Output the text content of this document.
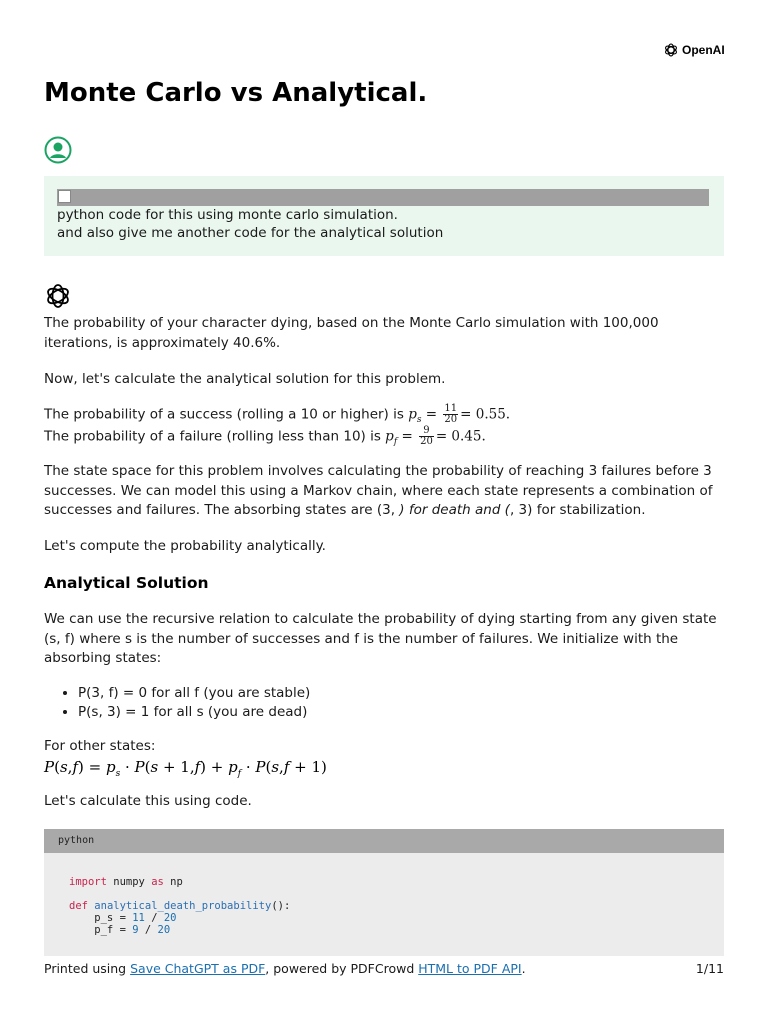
OpenAI
Monte Carlo vs Analytical.
python code for this using monte carlo simulation.
and also give me another code for the analytical solution

The probability of your character dying, based on the Monte Carlo simulation with 100,000 iterations, is approximately 40.6%.

Now, let's calculate the analytical solution for this problem.

The probability of a success (rolling a 10 or higher) is $p_s = \frac{11}{20} = 0.55$.

The probability of a failure (rolling less than 10) is $p_f = \frac{9}{20} = 0.45$.

The state space for this problem involves calculating the probability of reaching 3 failures before 3 successes. We can model this using a Markov chain, where each state represents a combination of successes and failures. The absorbing states are (3, ) for death and (, 3) for stabilization.

Let's compute the probability analytically.

Analytical Solution

We can use the recursive relation to calculate the probability of dying starting from any given state (s, f) where s is the number of successes and f is the number of failures. We initialize with the absorbing states:

• P(3, f) = 0 for all f (you are stable)
• P(s, 3) = 1 for all s (you are dead)

For other states:

$P(s,f) = p_s \cdot P(s + 1,f) + p_f \cdot P(s,f + 1)$

Let's calculate this using code.

python
import numpy as np

def analytical_death_probability():
p_s = 11 / 20
p_f = 9 / 20
Printed using Save ChatGPT as PDF, powered by PDFCrowd HTML to PDF API.	1/11
